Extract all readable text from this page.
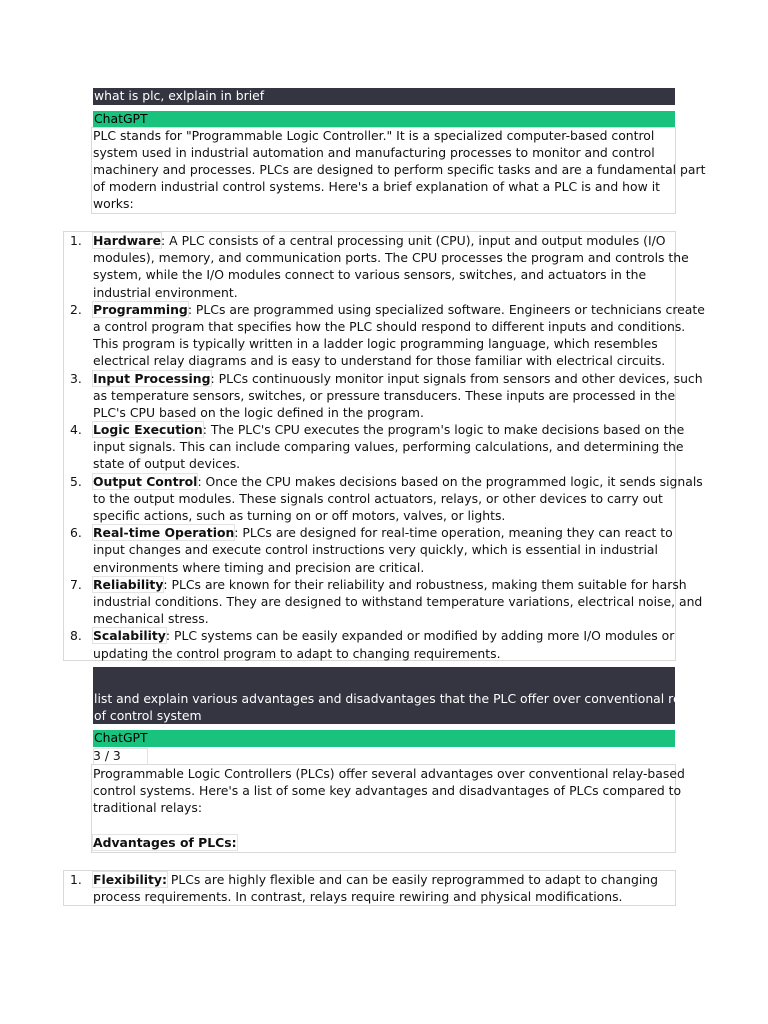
what is plc, exlplain in brief
ChatGPT
PLC stands for "Programmable Logic Controller." It is a specialized computer-based control
system used in industrial automation and manufacturing processes to monitor and control
machinery and processes. PLCs are designed to perform specific tasks and are a fundamental part
of modern industrial control systems. Here's a brief explanation of what a PLC is and how it
works:
1. Hardware: A PLC consists of a central processing unit (CPU), input and output modules (I/O
modules), memory, and communication ports. The CPU processes the program and controls the
system, while the I/O modules connect to various sensors, switches, and actuators in the
industrial environment.
2. Programming: PLCs are programmed using specialized software. Engineers or technicians create
a control program that specifies how the PLC should respond to different inputs and conditions.
This program is typically written in a ladder logic programming language, which resembles
electrical relay diagrams and is easy to understand for those familiar with electrical circuits.
3. Input Processing: PLCs continuously monitor input signals from sensors and other devices, such
as temperature sensors, switches, or pressure transducers. These inputs are processed in the
PLC's CPU based on the logic defined in the program.
4. Logic Execution: The PLC's CPU executes the program's logic to make decisions based on the
input signals. This can include comparing values, performing calculations, and determining the
state of output devices.
5. Output Control: Once the CPU makes decisions based on the programmed logic, it sends signals
to the output modules. These signals control actuators, relays, or other devices to carry out
specific actions, such as turning on or off motors, valves, or lights.
6. Real-time Operation: PLCs are designed for real-time operation, meaning they can react to
input changes and execute control instructions very quickly, which is essential in industrial
environments where timing and precision are critical.
7. Reliability: PLCs are known for their reliability and robustness, making them suitable for harsh
industrial conditions. They are designed to withstand temperature variations, electrical noise, and
mechanical stress.
8. Scalability: PLC systems can be easily expanded or modified by adding more I/O modules or
updating the control program to adapt to changing requirements.
list and explain various advantages and disadvantages that the PLC offer over conventional relays
of control system
ChatGPT
3 / 3
Programmable Logic Controllers (PLCs) offer several advantages over conventional relay-based
control systems. Here's a list of some key advantages and disadvantages of PLCs compared to
traditional relays:
Advantages of PLCs:
1. Flexibility: PLCs are highly flexible and can be easily reprogrammed to adapt to changing
process requirements. In contrast, relays require rewiring and physical modifications.
